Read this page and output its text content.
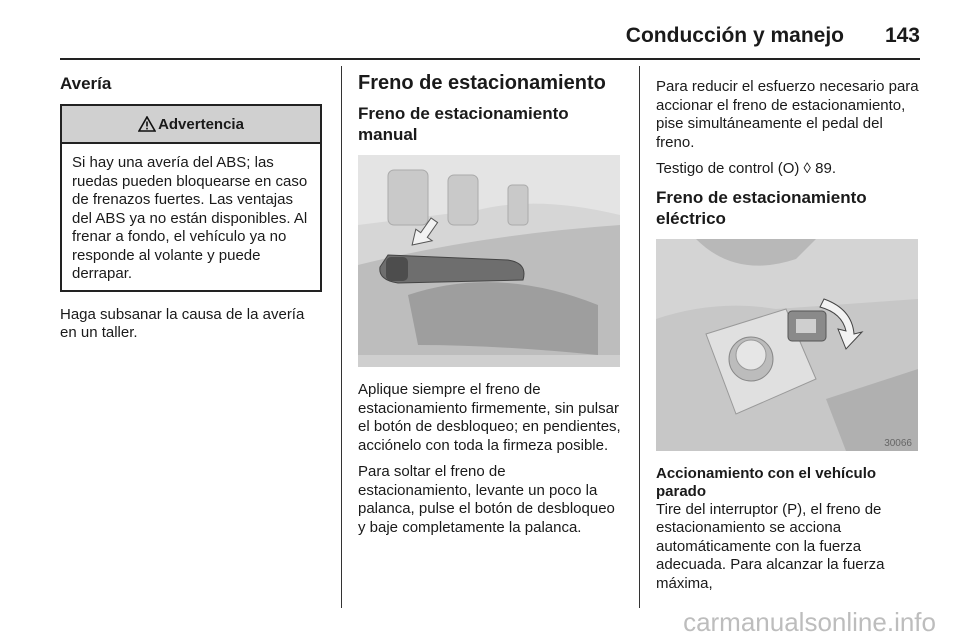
Conducción y manejo 143
Avería
Advertencia

Si hay una avería del ABS; las ruedas pueden bloquearse en caso de frenazos fuertes. Las ventajas del ABS ya no están disponibles. Al frenar a fondo, el vehículo ya no responde al volante y puede derrapar.

Haga subsanar la causa de la avería en un taller.

Freno de estacionamiento
Freno de estacionamiento manual

Aplique siempre el freno de estacionamiento firmemente, sin pulsar el botón de desbloqueo; en pendientes, acciónelo con toda la firmeza posible.

Para soltar el freno de estacionamiento, levante un poco la palanca, pulse el botón de desbloqueo y baje completamente la palanca.

Para reducir el esfuerzo necesario para accionar el freno de estacionamiento, pise simultáneamente el pedal del freno.

Testigo de control (O) ◊ 89.

Freno de estacionamiento eléctrico
30066
Accionamiento con el vehículo parado

Tire del interruptor (P), el freno de estacionamiento se acciona automáticamente con la fuerza adecuada. Para alcanzar la fuerza máxima,

carmanualsonline.info
